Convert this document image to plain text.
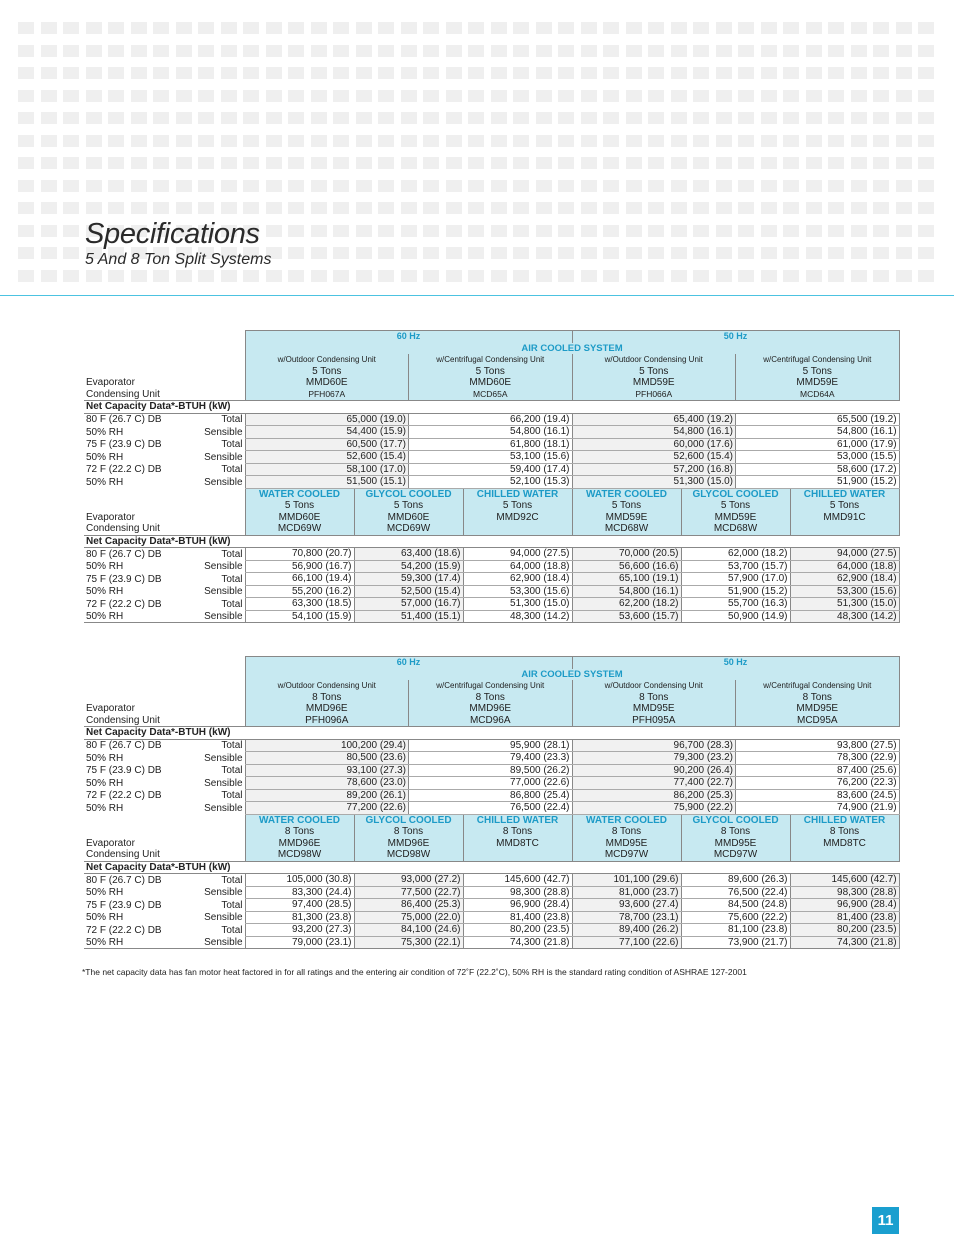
Specifications
5 And 8 Ton Split Systems
		60 Hz				50 Hz			
		AIR COOLED SYSTEM							
		w/Outdoor Condensing Unit		w/Centrifugal Condensing Unit		w/Outdoor Condensing Unit		w/Centrifugal Condensing Unit	
		5 Tons		5 Tons		5 Tons		5 Tons	
Evaporator		MMD60E		MMD60E		MMD59E		MMD59E	
Condensing Unit		PFH067A		MCD65A		PFH066A		MCD64A	
Net Capacity Data*-BTUH (kW)									
80 F (26.7 C) DB	Total	65,000 (19.0)		66,200 (19.4)		65,400 (19.2)		65,500 (19.2)	
50% RH	Sensible	54,400 (15.9)		54,800 (16.1)		54,800 (16.1)		54,800 (16.1)	
75 F (23.9 C) DB	Total	60,500 (17.7)		61,800 (18.1)		60,000 (17.6)		61,000 (17.9)	
50% RH	Sensible	52,600 (15.4)		53,100 (15.6)		52,600 (15.4)		53,000 (15.5)	
72 F (22.2 C) DB	Total	58,100 (17.0)		59,400 (17.4)		57,200 (16.8)		58,600 (17.2)	
50% RH	Sensible	51,500 (15.1)		52,100 (15.3)		51,300 (15.0)		51,900 (15.2)	
		WATER COOLED	GLYCOL COOLED		CHILLED WATER	WATER COOLED	GLYCOL COOLED		CHILLED WATER
		5 Tons	5 Tons		5 Tons	5 Tons	5 Tons		5 Tons
Evaporator		MMD60E	MMD60E		MMD92C	MMD59E	MMD59E		MMD91C
Condensing Unit		MCD69W	MCD69W			MCD68W	MCD68W		
Net Capacity Data*-BTUH (kW)									
80 F (26.7 C) DB	Total	70,800 (20.7)	63,400 (18.6)		94,000 (27.5)	70,000 (20.5)	62,000 (18.2)		94,000 (27.5)
50% RH	Sensible	56,900 (16.7)	54,200 (15.9)		64,000 (18.8)	56,600 (16.6)	53,700 (15.7)		64,000 (18.8)
75 F (23.9 C) DB	Total	66,100 (19.4)	59,300 (17.4)		62,900 (18.4)	65,100 (19.1)	57,900 (17.0)		62,900 (18.4)
50% RH	Sensible	55,200 (16.2)	52,500 (15.4)		53,300 (15.6)	54,800 (16.1)	51,900 (15.2)		53,300 (15.6)
72 F (22.2 C) DB	Total	63,300 (18.5)	57,000 (16.7)		51,300 (15.0)	62,200 (18.2)	55,700 (16.3)		51,300 (15.0)
50% RH	Sensible	54,100 (15.9)	51,400 (15.1)		48,300 (14.2)	53,600 (15.7)	50,900 (14.9)		48,300 (14.2)
		60 Hz				50 Hz			
		AIR COOLED SYSTEM							
		w/Outdoor Condensing Unit		w/Centrifugal Condensing Unit		w/Outdoor Condensing Unit		w/Centrifugal Condensing Unit	
		8 Tons		8 Tons		8 Tons		8 Tons	
Evaporator		MMD96E		MMD96E		MMD95E		MMD95E	
Condensing Unit		PFH096A		MCD96A		PFH095A		MCD95A	
Net Capacity Data*-BTUH (kW)									
80 F (26.7 C) DB	Total	100,200 (29.4)		95,900 (28.1)		96,700 (28.3)		93,800 (27.5)	
50% RH	Sensible	80,500 (23.6)		79,400 (23.3)		79,300 (23.2)		78,300 (22.9)	
75 F (23.9 C) DB	Total	93,100 (27.3)		89,500 (26.2)		90,200 (26.4)		87,400 (25.6)	
50% RH	Sensible	78,600 (23.0)		77,000 (22.6)		77,400 (22.7)		76,200 (22.3)	
72 F (22.2 C) DB	Total	89,200 (26.1)		86,800 (25.4)		86,200 (25.3)		83,600 (24.5)	
50% RH	Sensible	77,200 (22.6)		76,500 (22.4)		75,900 (22.2)		74,900 (21.9)	
		WATER COOLED	GLYCOL COOLED		CHILLED WATER	WATER COOLED	GLYCOL COOLED		CHILLED WATER
		8 Tons	8 Tons		8 Tons	8 Tons	8 Tons		8 Tons
Evaporator		MMD96E	MMD96E		MMD8TC	MMD95E	MMD95E		MMD8TC
Condensing Unit		MCD98W	MCD98W			MCD97W	MCD97W		
Net Capacity Data*-BTUH (kW)									
80 F (26.7 C) DB	Total	105,000 (30.8)	93,000 (27.2)		145,600 (42.7)	101,100 (29.6)	89,600 (26.3)		145,600 (42.7)
50% RH	Sensible	83,300 (24.4)	77,500 (22.7)		98,300 (28.8)	81,000 (23.7)	76,500 (22.4)		98,300 (28.8)
75 F (23.9 C) DB	Total	97,400 (28.5)	86,400 (25.3)		96,900 (28.4)	93,600 (27.4)	84,500 (24.8)		96,900 (28.4)
50% RH	Sensible	81,300 (23.8)	75,000 (22.0)		81,400 (23.8)	78,700 (23.1)	75,600 (22.2)		81,400 (23.8)
72 F (22.2 C) DB	Total	93,200 (27.3)	84,100 (24.6)		80,200 (23.5)	89,400 (26.2)	81,100 (23.8)		80,200 (23.5)
50% RH	Sensible	79,000 (23.1)	75,300 (22.1)		74,300 (21.8)	77,100 (22.6)	73,900 (21.7)		74,300 (21.8)
*The net capacity data has fan motor heat factored in for all ratings and the entering air condition of 72˚F (22.2˚C), 50% RH is the standard rating condition of ASHRAE 127-2001
11
